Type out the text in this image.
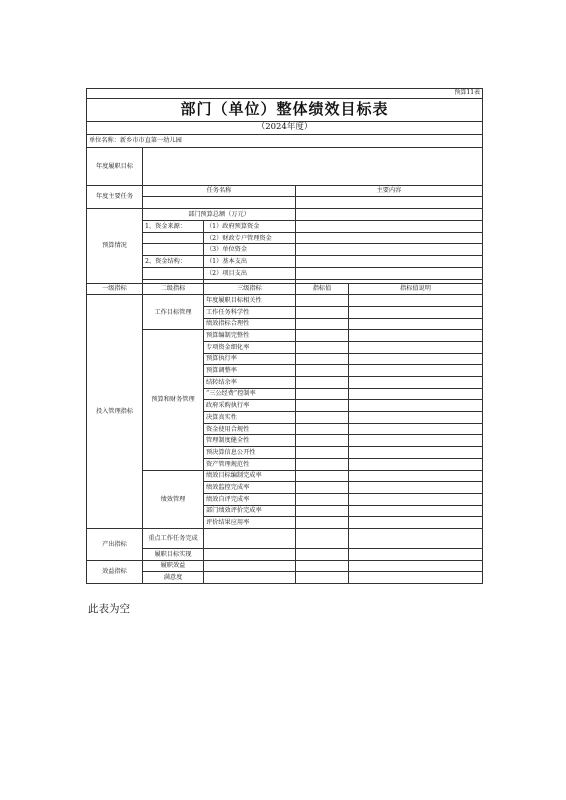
预算11表				
部门（单位）整体绩效目标表				
（2024年度）				
单位名称：新乡市市直第一幼儿园				
年度履职目标				
年度主要任务	任务名称		主要内容	

预算情况	部门预算总额（万元）			
	1、资金来源：	（1）政府预算资金		
		（2）财政专户管理资金		
		（3）单位资金		
	2、资金结构：	（1）基本支出		
		（2）项目支出		

一级指标	二级指标	三级指标	指标值	指标值说明
投入管理指标	工作目标管理	年度履职目标相关性		
		工作任务科学性		
		绩效指标合理性		
	预算和财务管理	预算编制完整性		
		专项资金细化率		
		预算执行率		
		预算调整率		
		结转结余率		
		“三公经费”控制率		
		政府采购执行率		
		决算真实性		
		资金使用合规性		
		管理制度健全性		
		预决算信息公开性		
		资产管理规范性		
	绩效管理	绩效目标编制完成率		
		绩效监控完成率		
		绩效自评完成率		
		部门绩效评价完成率		
		评价结果应用率		
产出指标	重点工作任务完成			
	履职目标实现			
效益指标	履职效益			
	满意度			
此表为空
